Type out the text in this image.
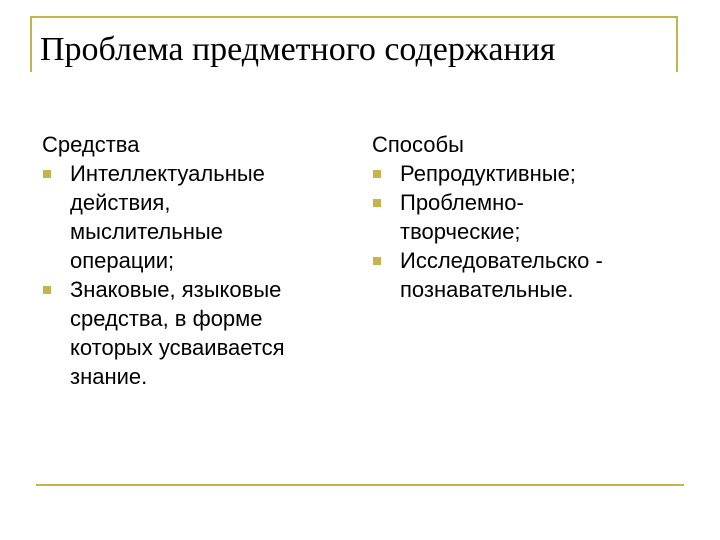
Проблема предметного содержания
Средства
Интеллектуальные
действия,
мыслительные
операции;
Знаковые, языковые
средства, в форме
которых усваивается
знание.
Способы
Репродуктивные;
Проблемно-
творческие;
Исследовательско -
познавательные.
